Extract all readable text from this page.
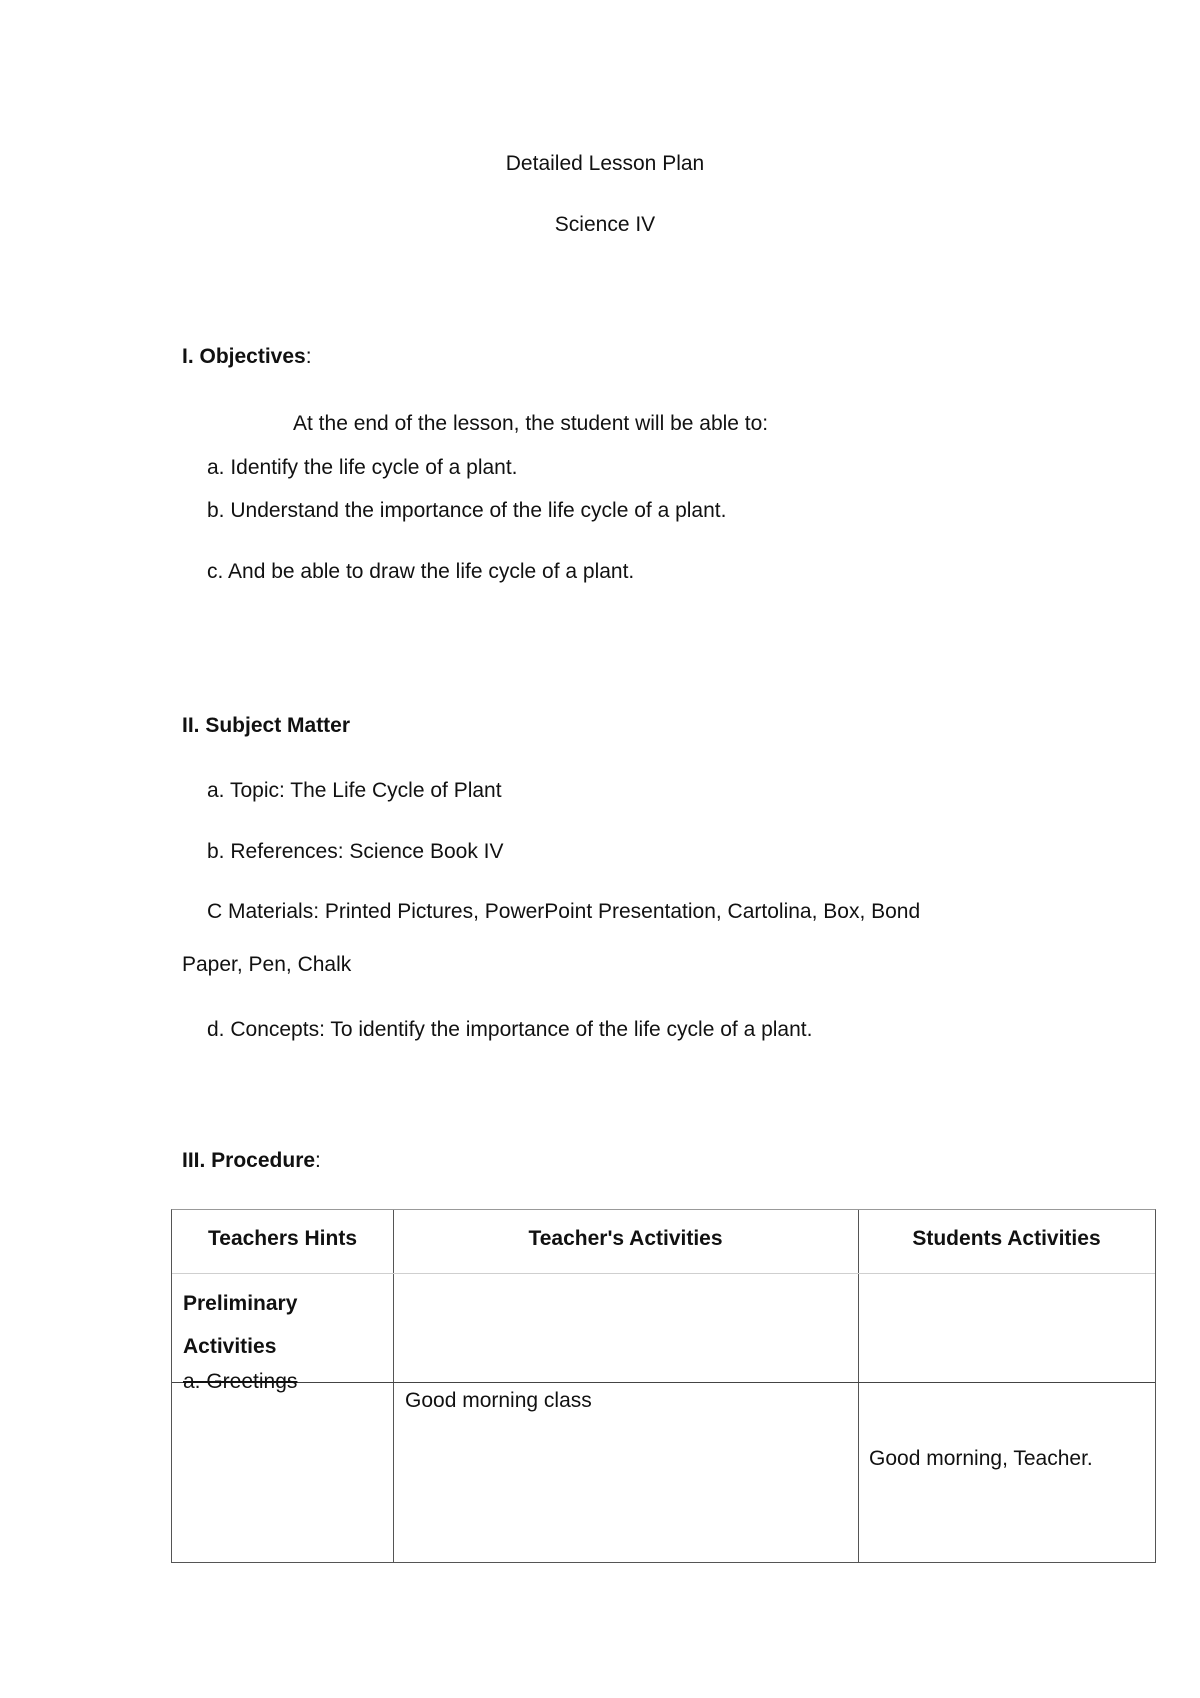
Detailed Lesson Plan
Science IV
I. Objectives:
At the end of the lesson, the student will be able to:
a. Identify the life cycle of a plant.
b. Understand the importance of the life cycle of a plant.
c. And be able to draw the life cycle of a plant.
II. Subject Matter
a. Topic: The Life Cycle of Plant
b. References: Science Book IV
C Materials: Printed Pictures, PowerPoint Presentation, Cartolina, Box, Bond
Paper, Pen, Chalk
d. Concepts: To identify the importance of the life cycle of a plant.
III. Procedure:
Teachers Hints	Teacher's Activities	Students Activities
Preliminary
Activities
a. Greetings
Good morning class
Good morning, Teacher.
